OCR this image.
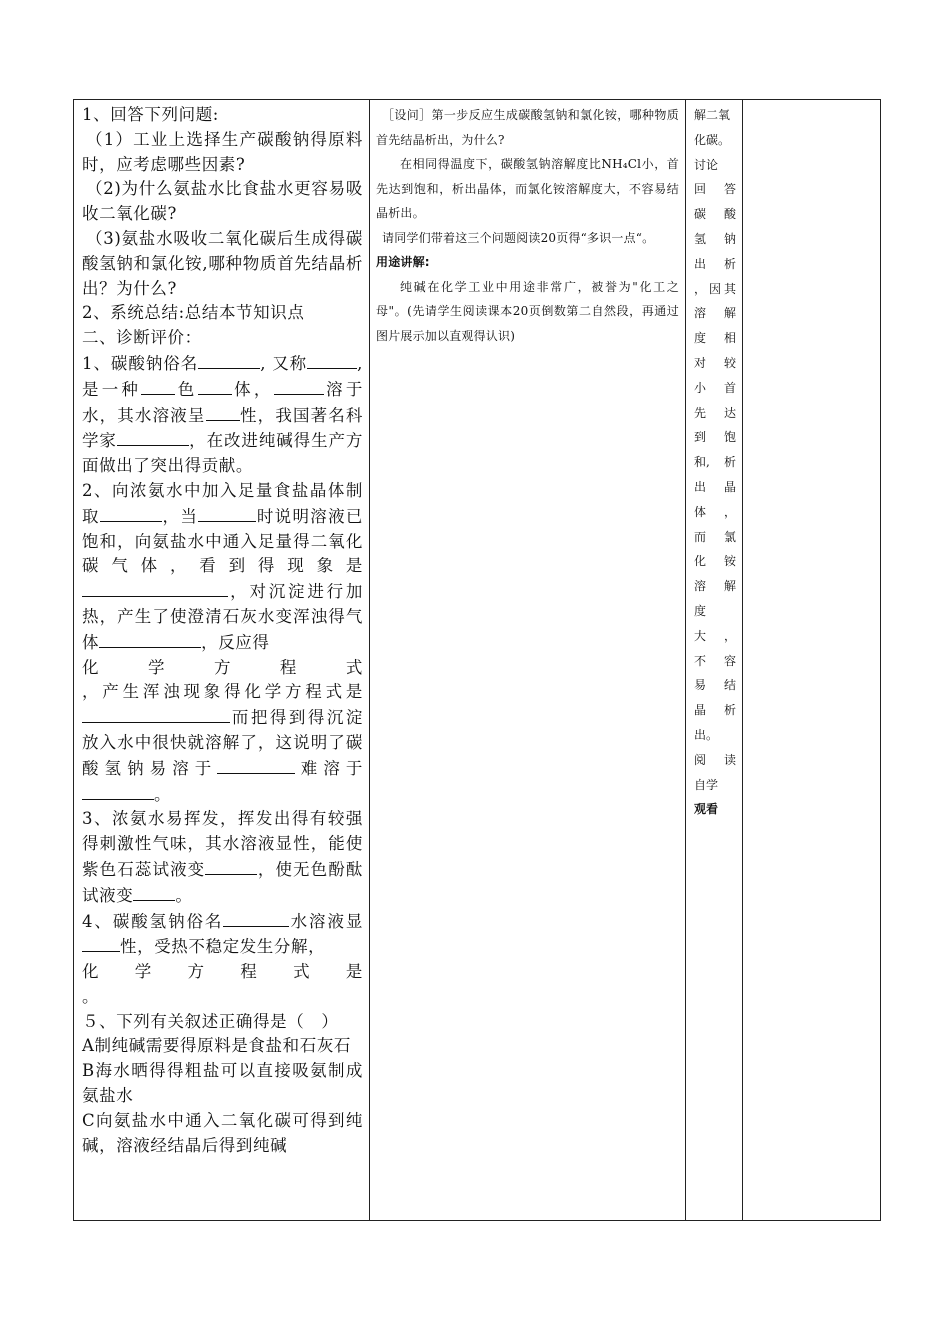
1、回答下列问题:

（1）工业上选择生产碳酸钠得原料时，应考虑哪些因素?

（2)为什么氨盐水比食盐水更容易吸收二氧化碳?

（3)氨盐水吸收二氧化碳后生成得碳酸氢钠和氯化铵,哪种物质首先结晶析出？为什么?

2、系统总结:总结本节知识点

二、诊断评价：

1、碳酸钠俗名	, 又称	, 是一种 色 体，	溶于水，其水溶液呈 性，我国著名科学家	，在改进纯碱得生产方面做出了突出得贡献。

2、向浓氨水中加入足量食盐晶体制取	，当	时说明溶液已饱和，向氨盐水中通入足量得二氧化碳气体，看到得现象是，对沉淀进行加热，产生了使澄清石灰水变浑浊得气体	，反应得

化	学	方	程	式

，产生浑浊现象得化学方程式是而把得到得沉淀放入水中很快就溶解了，这说明了碳酸氢钠易溶于	难溶于。

3、浓氨水易挥发，挥发出得有较强得刺激性气味，其水溶液显性，能使紫色石蕊试液变	，使无色酚酞试液变	。

4、碳酸氢钠俗名	水溶液显性，受热不稳定发生分解，

化 学 方 程 式 是

。

５、下列有关叙述正确得是（　）

A制纯碱需要得原料是食盐和石灰石

B海水晒得得粗盐可以直接吸氨制成氨盐水

C向氨盐水中通入二氧化碳可得到纯碱，溶液经结晶后得到纯碱

［设问］第一步反应生成碳酸氢钠和氯化铵，哪种物质首先结晶析出，为什么?

在相同得温度下，碳酸氢钠溶解度比NH₄Cl小，首先达到饱和，析出晶体，而氯化铵溶解度大，不容易结晶析出。

请同学们带着这三个问题阅读20页得“多识一点“。

用途讲解:

纯碱在化学工业中用途非常广，被誉为"化工之母"。(先请学生阅读课本20页倒数第二自然段，再通过图片展示加以直观得认识)

解二氧化碳。
讨论
回 答
碳 酸
氢 钠
出 析
， 因 其
溶 解
度 相
对 较
小 首
先 达
到 饱
和, 析
出 晶
体 ，
而 氯
化 铵
溶 解
度
大 ，
不 容
易 结
晶 析
出。
阅 读
自学
观看
